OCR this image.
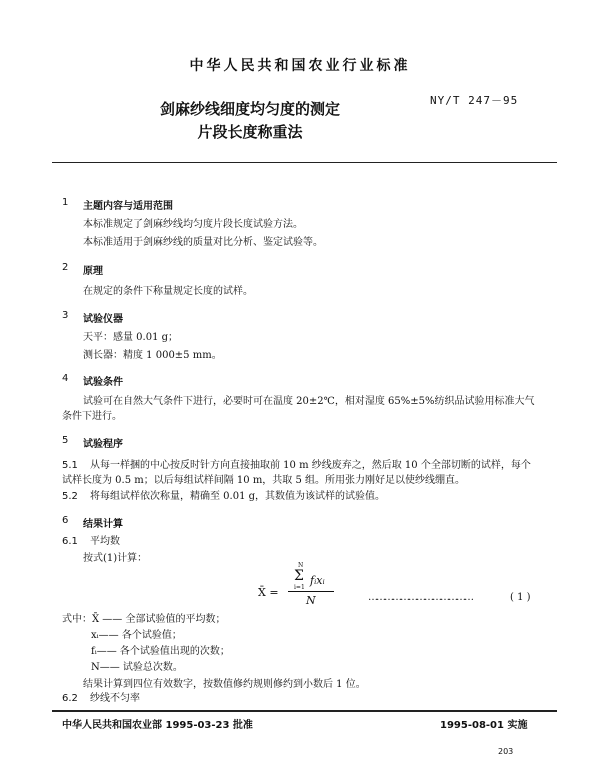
中华人民共和国农业行业标准
NY/T 247－95
剑麻纱线细度均匀度的测定
片段长度称重法
1 主题内容与适用范围
本标准规定了剑麻纱线均匀度片段长度试验方法。
本标准适用于剑麻纱线的质量对比分析、鉴定试验等。
2 原理
在规定的条件下称量规定长度的试样。
3 试验仪器
天平：感量 0.01 g；
测长器：精度 1 000±5 mm。
4 试验条件
试验可在自然大气条件下进行，必要时可在温度 20±2℃，相对湿度 65%±5%纺织品试验用标准大气条件下进行。
5 试验程序
5.1	从每一样捆的中心按反时针方向直接抽取前 10 m 纱线废弃之，然后取 10 个全部切断的试样，每个试样长度为 0.5 m；以后每组试样间隔 10 m，共取 5 组。所用张力刚好足以使纱线绷直。
5.2 将每组试样依次称量，精确至 0.01 g，其数值为该试样的试验值。
6 结果计算
6.1 平均数
按式(1)计算：
X̄ =
N
Σ
i=1
fᵢxᵢ
N	…………………………………	( 1 )
式中：X̄ —— 全部试验值的平均数；
xᵢ—— 各个试验值；
fᵢ—— 各个试验值出现的次数；
N—— 试验总次数。
结果计算到四位有效数字，按数值修约规则修约到小数后 1 位。
6.2 纱线不匀率
中华人民共和国农业部 1995-03-23 批准	1995-08-01 实施
203
